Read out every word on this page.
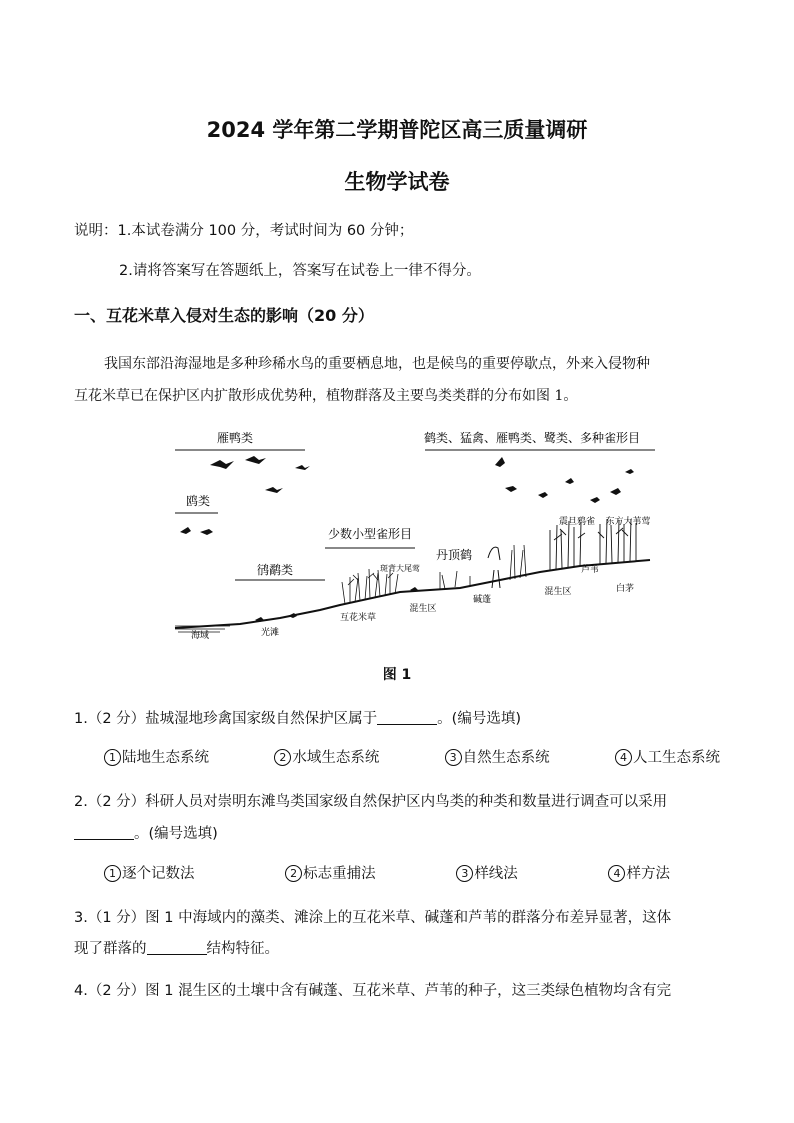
2024 学年第二学期普陀区高三质量调研
生物学试卷
说明：1.本试卷满分 100 分，考试时间为 60 分钟；
2.请将答案写在答题纸上，答案写在试卷上一律不得分。
一、互花米草入侵对生态的影响（20 分）
我国东部沿海湿地是多种珍稀水鸟的重要栖息地，也是候鸟的重要停歇点，外来入侵物种
互花米草已在保护区内扩散形成优势种，植物群落及主要鸟类类群的分布如图 1。
雁鸭类	鹤类、猛禽、雁鸭类、鹭类、多种雀形目
鸥类
少数小型雀形目
鸻鹬类
丹顶鹤
震旦鸦雀 东方大苇莺
斑背大尾莺
海域	光滩
互花米草
混生区
碱蓬
混生区
芦苇
白茅
图 1
1.（2 分）盐城湿地珍禽国家级自然保护区属于	。(编号选填)
1 陆地生态系统	2 水域生态系统	3 自然生态系统	4 人工生态系统
2.（2 分）科研人员对崇明东滩鸟类国家级自然保护区内鸟类的种类和数量进行调查可以采用
。(编号选填)
1 逐个记数法	2 标志重捕法	3 样线法	4 样方法
3.（1 分）图 1 中海域内的藻类、滩涂上的互花米草、碱蓬和芦苇的群落分布差异显著，这体
现了群落的	结构特征。
4.（2 分）图 1 混生区的土壤中含有碱蓬、互花米草、芦苇的种子，这三类绿色植物均含有完
